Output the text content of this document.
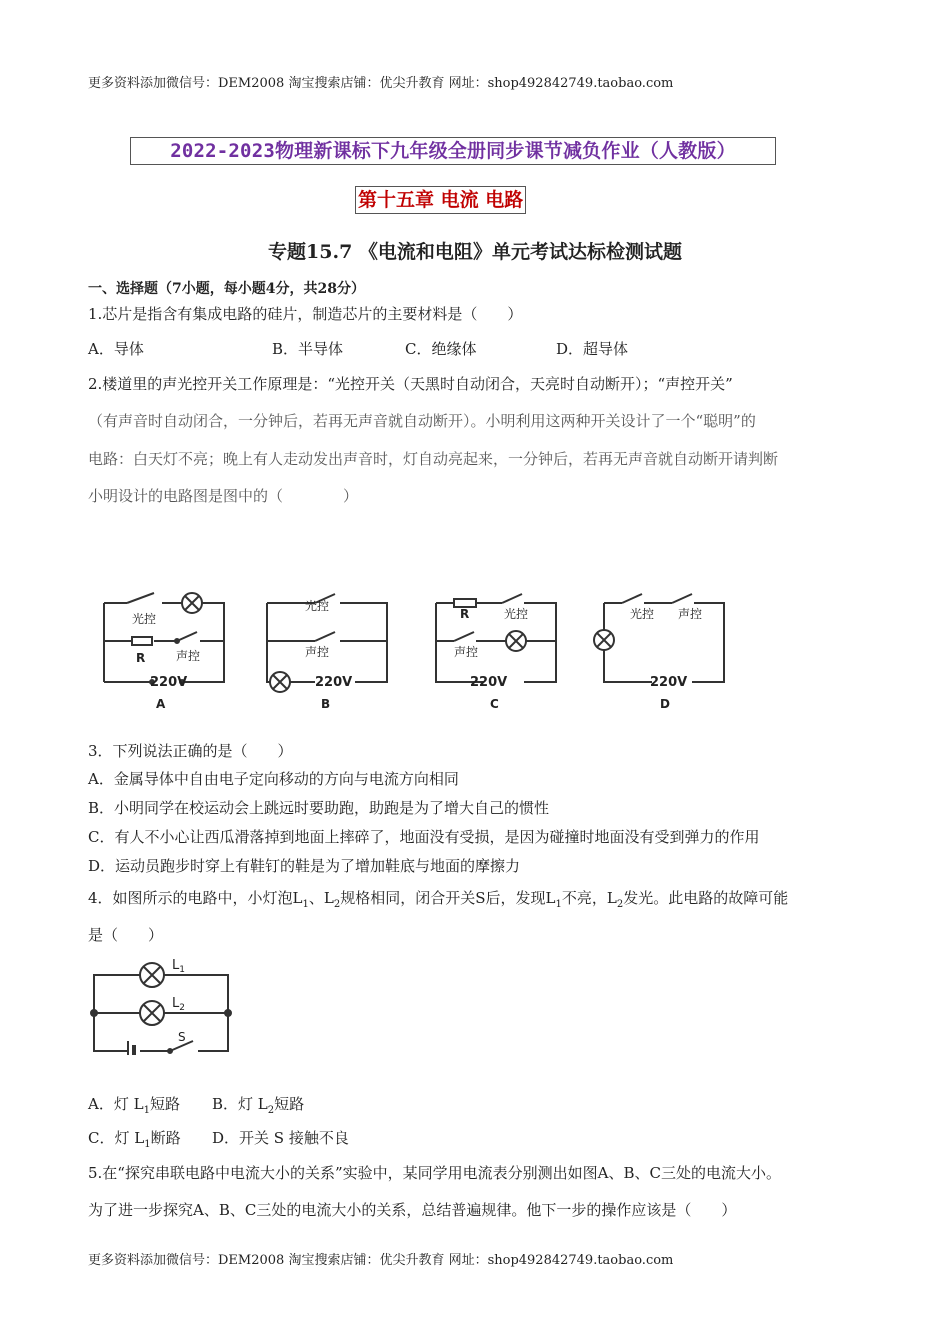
更多资料添加微信号：DEM2008 淘宝搜索店铺：优尖升教育 网址：shop492842749.taobao.com
2022-2023物理新课标下九年级全册同步课节减负作业（人教版）
第十五章 电流 电路
专题15.7 《电流和电阻》单元考试达标检测试题
一、选择题（7小题，每小题4分，共28分）
1.芯片是指含有集成电路的硅片，制造芯片的主要材料是（　　）
A．导体	B．半导体	C．绝缘体	D．超导体
2.楼道里的声光控开关工作原理是：“光控开关（天黑时自动闭合，天亮时自动断开）；“声控开关”
（有声音时自动闭合，一分钟后，若再无声音就自动断开）。小明利用这两种开关设计了一个“聪明”的
电路：白天灯不亮；晚上有人走动发出声音时，灯自动亮起来，一分钟后，若再无声音就自动断开请判断
小明设计的电路图是图中的（　　　　）
光控
R	声控
220V
A
光控
声控
220V
B
R	光控
声控
220V
C
光控 声控
220V
D
3．下列说法正确的是（　　）
A．金属导体中自由电子定向移动的方向与电流方向相同
B．小明同学在校运动会上跳远时要助跑，助跑是为了增大自己的惯性
C．有人不小心让西瓜滑落掉到地面上摔碎了，地面没有受损，是因为碰撞时地面没有受到弹力的作用
D．运动员跑步时穿上有鞋钉的鞋是为了增加鞋底与地面的摩擦力
4．如图所示的电路中，小灯泡$L_1$、$L_2$规格相同，闭合开关S后，发现$L_1$不亮，$L_2$发光。此电路的故障可能
是（　　）
$L_1$
$L_2$
S
A．灯 $L_1$短路 B．灯 $L_2$短路
C．灯 $L_1$断路 D．开关 S 接触不良
5.在“探究串联电路中电流大小的关系”实验中，某同学用电流表分别测出如图A、B、C三处的电流大小。
为了进一步探究A、B、C三处的电流大小的关系，总结普遍规律。他下一步的操作应该是（　　）
更多资料添加微信号：DEM2008 淘宝搜索店铺：优尖升教育 网址：shop492842749.taobao.com
